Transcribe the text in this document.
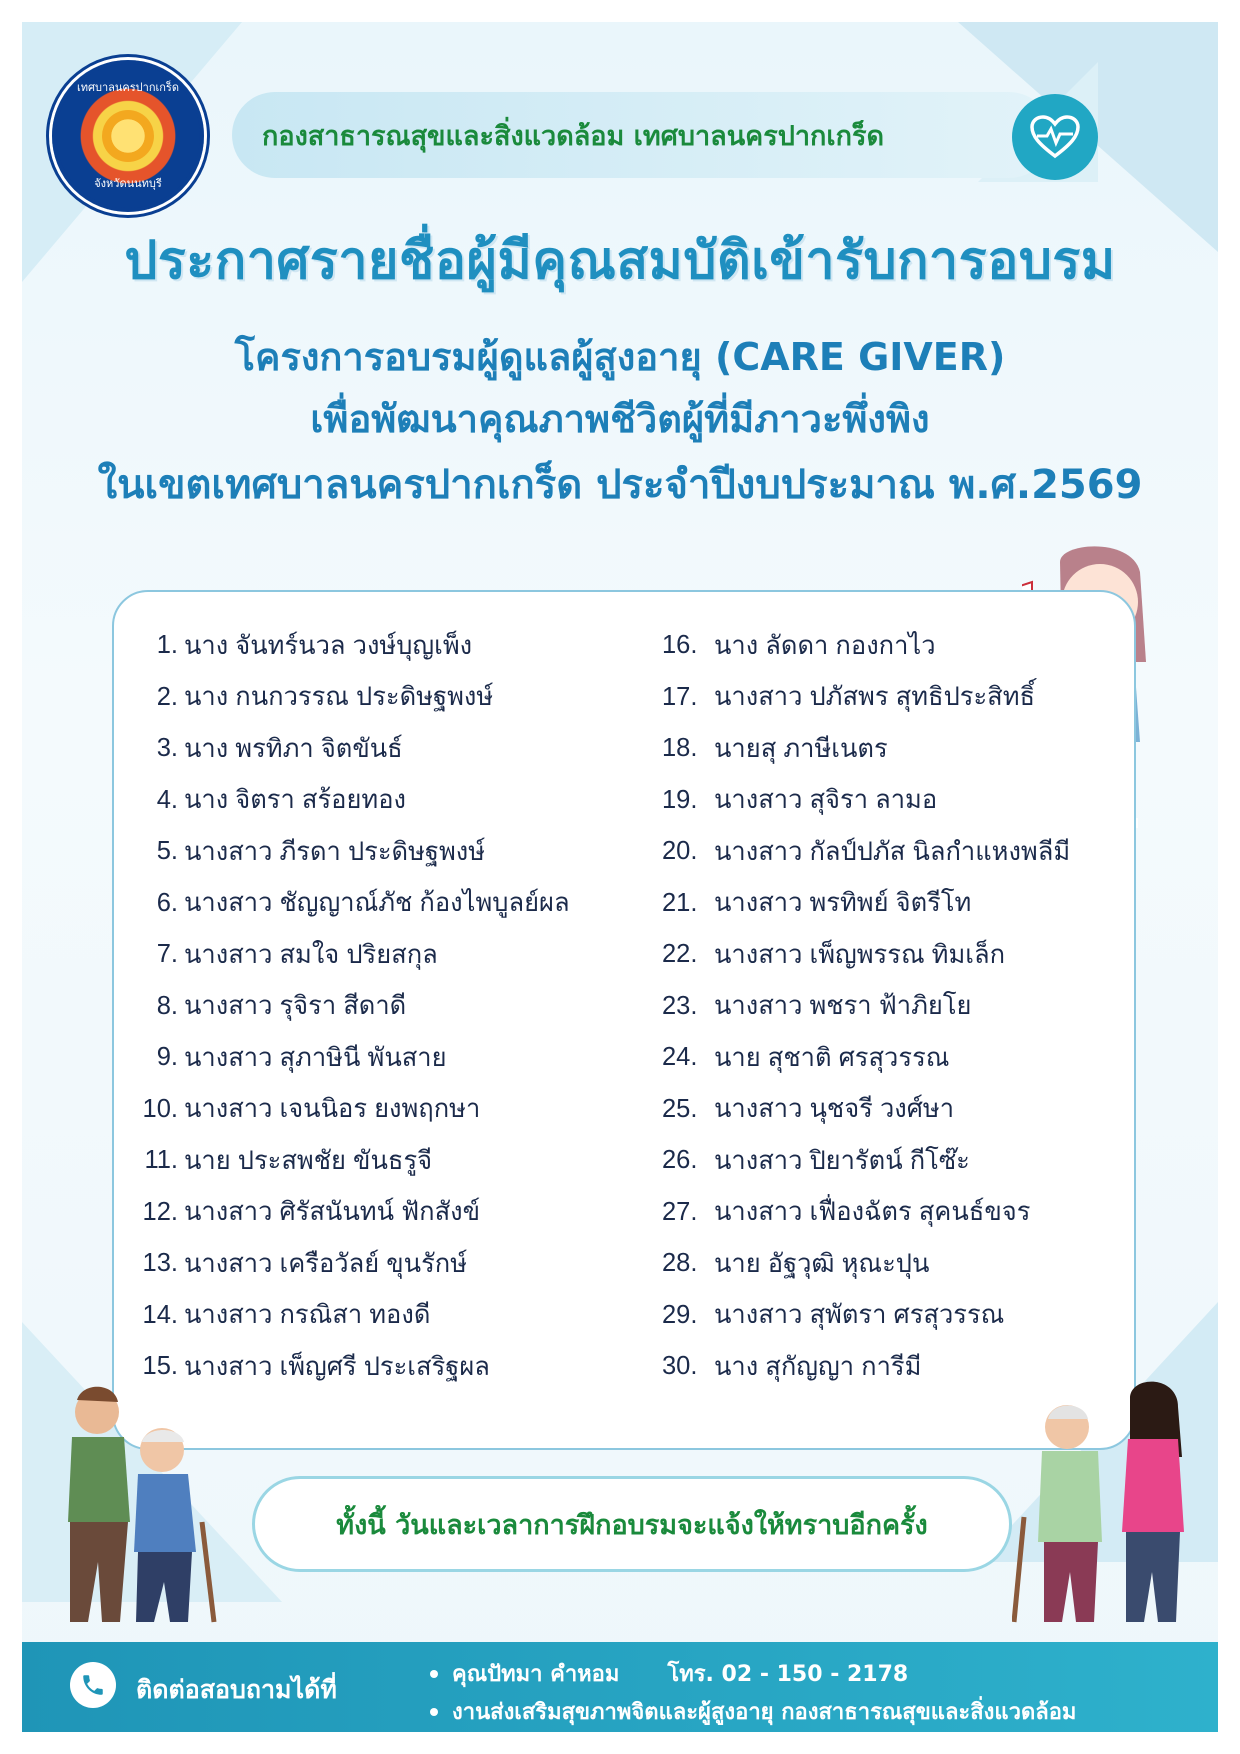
เทศบาลนครปากเกร็ด
จังหวัดนนทบุรี
กองสาธารณสุขและสิ่งแวดล้อม เทศบาลนครปากเกร็ด
ประกาศรายชื่อผู้มีคุณสมบัติเข้ารับการอบรม
โครงการอบรมผู้ดูแลผู้สูงอายุ (CARE GIVER)
เพื่อพัฒนาคุณภาพชีวิตผู้ที่มีภาวะพึ่งพิง
ในเขตเทศบาลนครปากเกร็ด ประจำปีงบประมาณ พ.ศ.2569
1. นาง จันทร์นวล วงษ์บุญเพ็ง
2. นาง กนกวรรณ ประดิษฐพงษ์
3. นาง พรทิภา จิตขันธ์
4. นาง จิตรา สร้อยทอง
5. นางสาว ภีรดา ประดิษฐพงษ์
6. นางสาว ชัญญาณ์ภัช ก้องไพบูลย์ผล
7. นางสาว สมใจ ปริยสกุล
8. นางสาว รุจิรา สีดาดี
9. นางสาว สุภาษินี พันสาย
10. นางสาว เจนนิอร ยงพฤกษา
11. นาย ประสพชัย ขันธรูจี
12. นางสาว ศิรัสนันทน์ ฟักสังข์
13. นางสาว เครือวัลย์ ขุนรักษ์
14. นางสาว กรณิสา ทองดี
15. นางสาว เพ็ญศรี ประเสริฐผล
16. นาง ลัดดา กองกาไว
17. นางสาว ปภัสพร สุทธิประสิทธิ์
18. นายสุ ภาษีเนตร
19. นางสาว สุจิรา ลามอ
20. นางสาว กัลป์ปภัส นิลกำแหงพลีมี
21. นางสาว พรทิพย์ จิตรีโท
22. นางสาว เพ็ญพรรณ ทิมเล็ก
23. นางสาว พชรา ฟ้าภิยโย
24. นาย สุชาติ ศรสุวรรณ
25. นางสาว นุชจรี วงศ์ษา
26. นางสาว ปิยารัตน์ กีโซ๊ะ
27. นางสาว เฟื่องฉัตร สุคนธ์ขจร
28. นาย อัฐวุฒิ หุณะปุน
29. นางสาว สุพัตรา ศรสุวรรณ
30. นาง สุกัญญา การีมี
ทั้งนี้ วันและเวลาการฝึกอบรมจะแจ้งให้ทราบอีกครั้ง
ติดต่อสอบถามได้ที่
คุณปัทมา คำหอม โทร. 02 - 150 - 2178
งานส่งเสริมสุขภาพจิตและผู้สูงอายุ กองสาธารณสุขและสิ่งแวดล้อม
